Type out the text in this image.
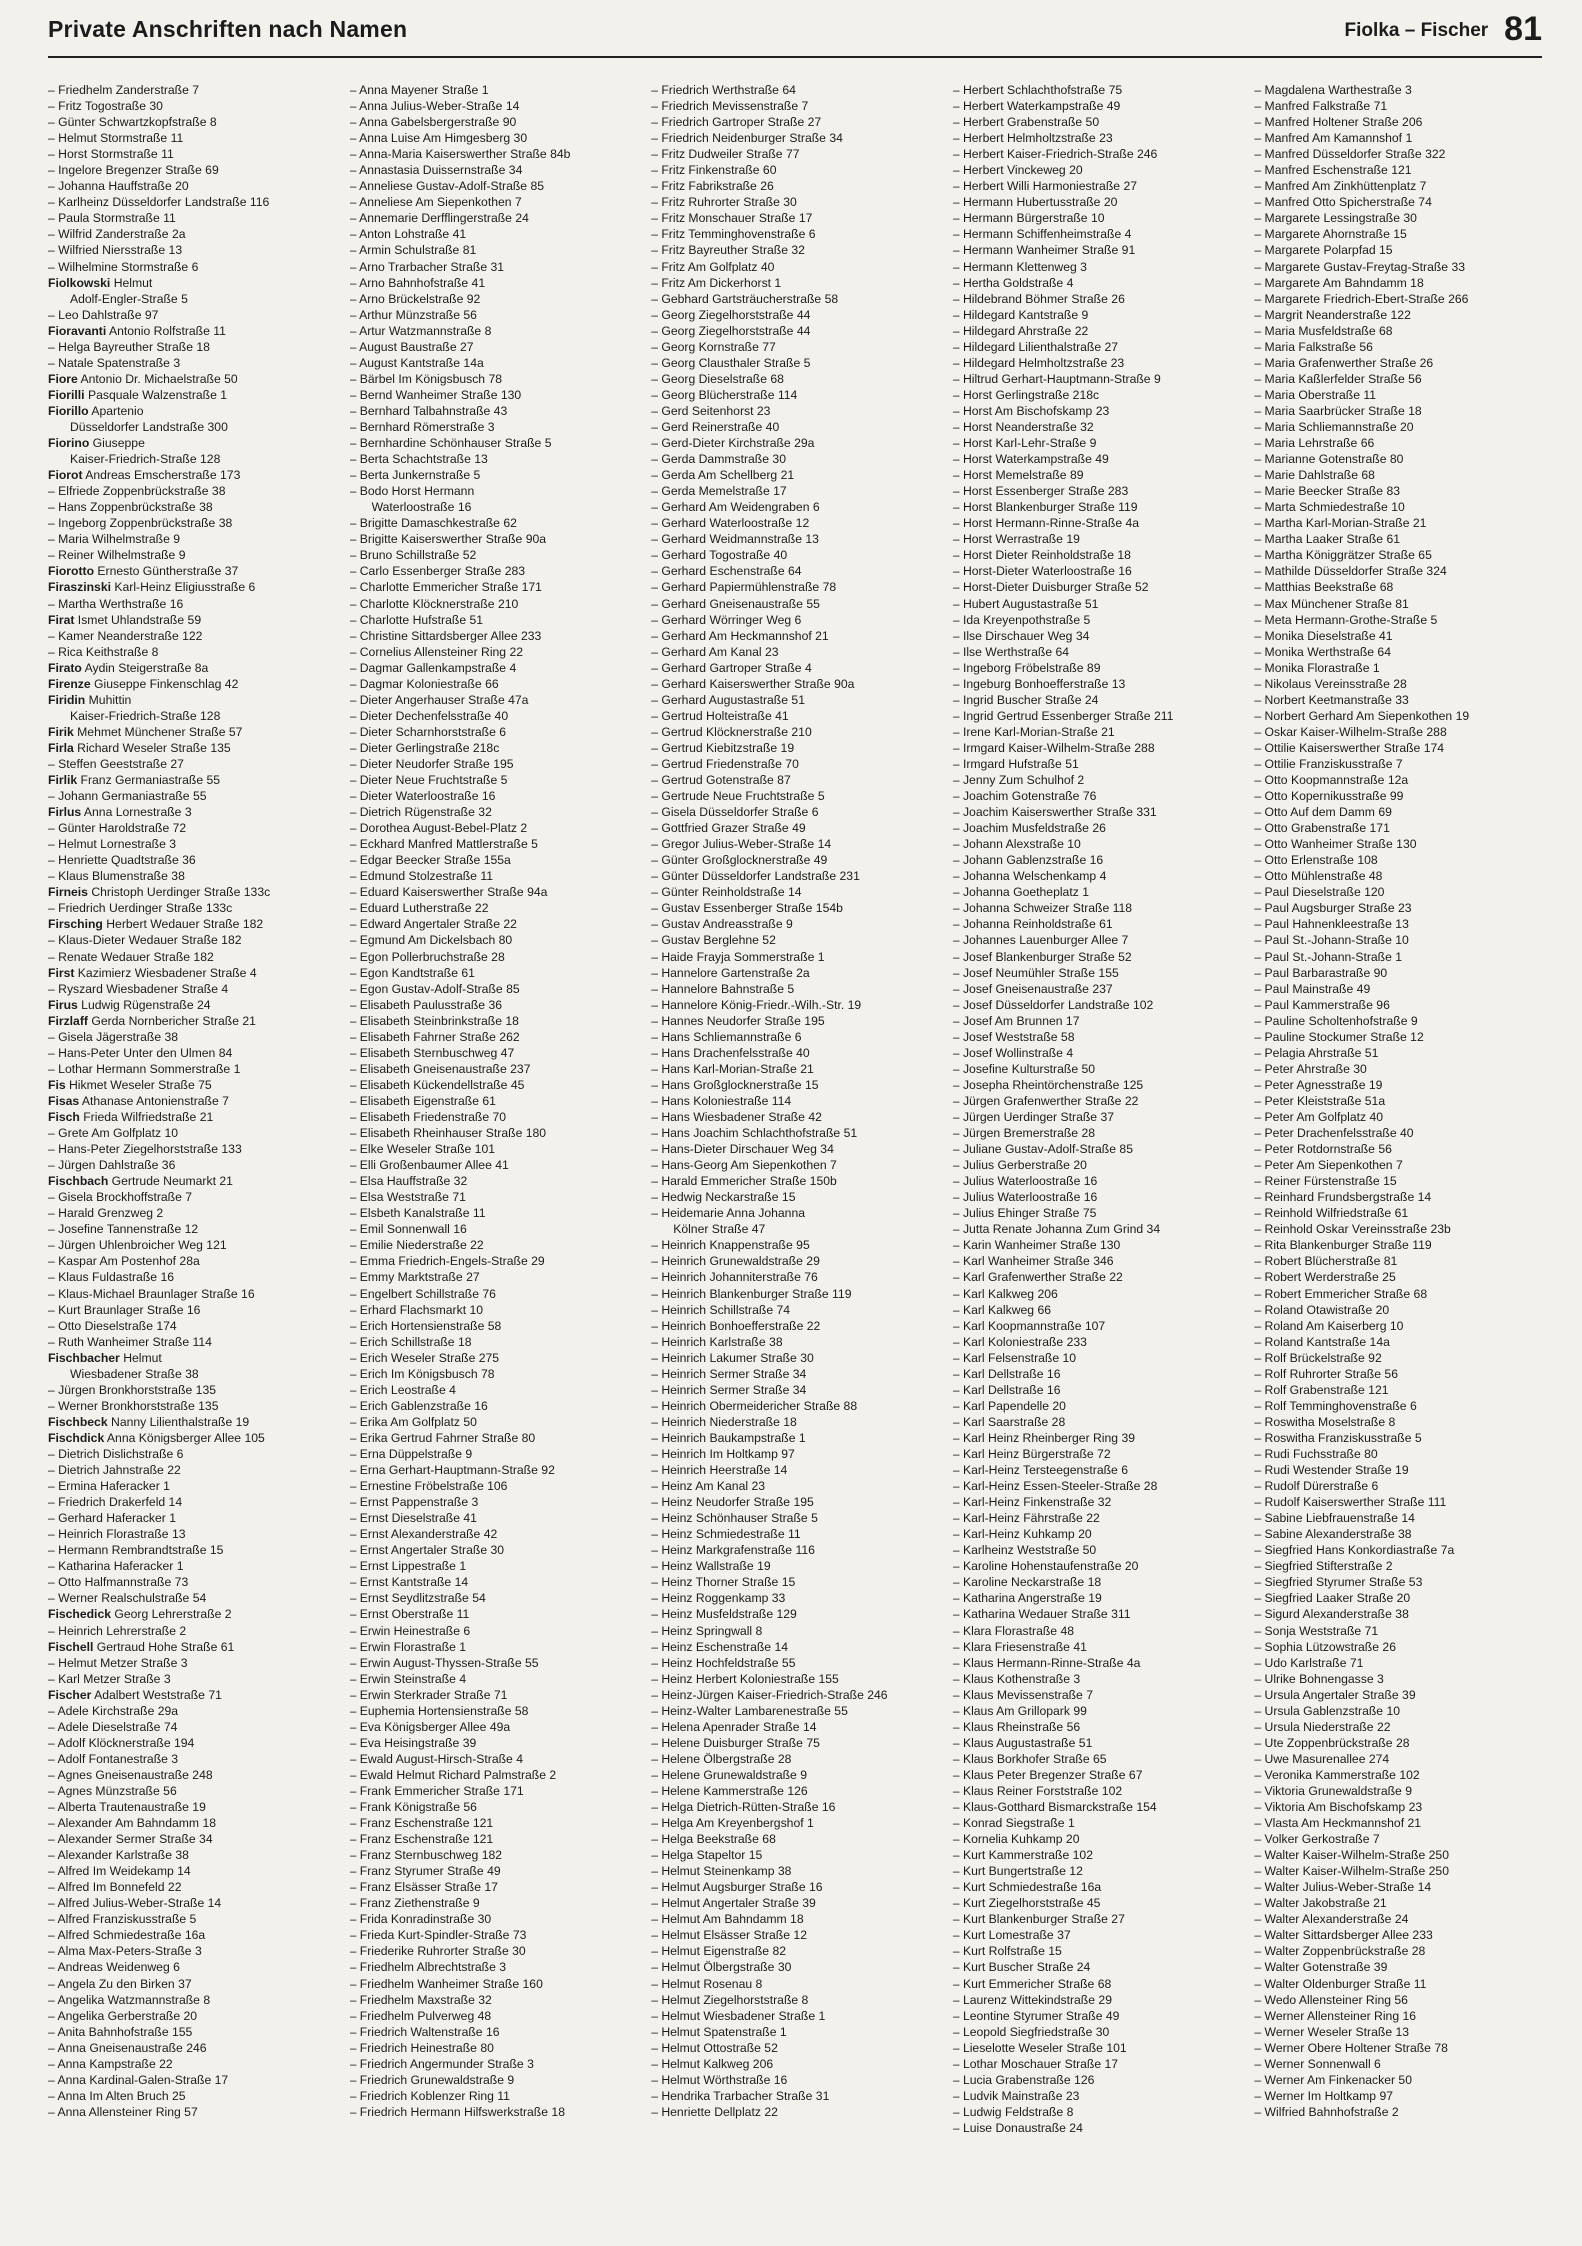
Private Anschriften nach Namen	Fiolka – Fischer 81
– Friedhelm Zanderstraße 7
– Fritz Togostraße 30
– Günter Schwartzkopfstraße 8
– Helmut Stormstraße 11
– Horst Stormstraße 11
– Ingelore Bregenzer Straße 69
– Johanna Hauffstraße 20
– Karlheinz Düsseldorfer Landstraße 116
– Paula Stormstraße 11
– Wilfrid Zanderstraße 2a
– Wilfried Niersstraße 13
– Wilhelmine Stormstraße 6
Fiolkowski Helmut
Adolf-Engler-Straße 5
– Leo Dahlstraße 97
Fioravanti Antonio Rolfstraße 11
– Helga Bayreuther Straße 18
– Natale Spatenstraße 3
Fiore Antonio Dr. Michaelstraße 50
Fiorilli Pasquale Walzenstraße 1
Fiorillo Apartenio
Düsseldorfer Landstraße 300
Fiorino Giuseppe
Kaiser-Friedrich-Straße 128
Fiorot Andreas Emscherstraße 173
– Elfriede Zoppenbrückstraße 38
– Hans Zoppenbrückstraße 38
– Ingeborg Zoppenbrückstraße 38
– Maria Wilhelmstraße 9
– Reiner Wilhelmstraße 9
Fiorotto Ernesto Güntherstraße 37
Firaszinski Karl-Heinz Eligiusstraße 6
– Martha Werthstraße 16
Firat Ismet Uhlandstraße 59
– Kamer Neanderstraße 122
– Rica Keithstraße 8
Firato Aydin Steigerstraße 8a
Firenze Giuseppe Finkenschlag 42
Firidin Muhittin
Kaiser-Friedrich-Straße 128
Firik Mehmet Münchener Straße 57
Firla Richard Weseler Straße 135
– Steffen Geeststraße 27
Firlik Franz Germaniastraße 55
– Johann Germaniastraße 55
Firlus Anna Lornestraße 3
– Günter Haroldstraße 72
– Helmut Lornestraße 3
– Henriette Quadtstraße 36
– Klaus Blumenstraße 38
Firneis Christoph Uerdinger Straße 133c
– Friedrich Uerdinger Straße 133c
Firsching Herbert Wedauer Straße 182
– Klaus-Dieter Wedauer Straße 182
– Renate Wedauer Straße 182
First Kazimierz Wiesbadener Straße 4
– Ryszard Wiesbadener Straße 4
Firus Ludwig Rügenstraße 24
Firzlaff Gerda Nornbericher Straße 21
– Gisela Jägerstraße 38
– Hans-Peter Unter den Ulmen 84
– Lothar Hermann Sommerstraße 1
Fis Hikmet Weseler Straße 75
Fisas Athanase Antonienstraße 7
Fisch Frieda Wilfriedstraße 21
– Grete Am Golfplatz 10
– Hans-Peter Ziegelhorststraße 133
– Jürgen Dahlstraße 36
Fischbach Gertrude Neumarkt 21
– Gisela Brockhoffstraße 7
– Harald Grenzweg 2
– Josefine Tannenstraße 12
– Jürgen Uhlenbroicher Weg 121
– Kaspar Am Postenhof 28a
– Klaus Fuldastraße 16
– Klaus-Michael Braunlager Straße 16
– Kurt Braunlager Straße 16
– Otto Dieselstraße 174
– Ruth Wanheimer Straße 114
Fischbacher Helmut
Wiesbadener Straße 38
– Jürgen Bronkhorststraße 135
– Werner Bronkhorststraße 135
Fischbeck Nanny Lilienthalstraße 19
Fischdick Anna Königsberger Allee 105
– Dietrich Dislichstraße 6
– Dietrich Jahnstraße 22
– Ermina Haferacker 1
– Friedrich Drakerfeld 14
– Gerhard Haferacker 1
– Heinrich Florastraße 13
– Hermann Rembrandtstraße 15
– Katharina Haferacker 1
– Otto Halfmannstraße 73
– Werner Realschulstraße 54
Fischedick Georg Lehrerstraße 2
– Heinrich Lehrerstraße 2
Fischell Gertraud Hohe Straße 61
– Helmut Metzer Straße 3
– Karl Metzer Straße 3
Fischer Adalbert Weststraße 71
– Adele Kirchstraße 29a
– Adele Dieselstraße 74
– Adolf Klöcknerstraße 194
– Adolf Fontanestraße 3
– Agnes Gneisenaustraße 248
– Agnes Münzstraße 56
– Alberta Trautenaustraße 19
– Alexander Am Bahndamm 18
– Alexander Sermer Straße 34
– Alexander Karlstraße 38
– Alfred Im Weidekamp 14
– Alfred Im Bonnefeld 22
– Alfred Julius-Weber-Straße 14
– Alfred Franziskusstraße 5
– Alfred Schmiedestraße 16a
– Alma Max-Peters-Straße 3
– Andreas Weidenweg 6
– Angela Zu den Birken 37
– Angelika Watzmannstraße 8
– Angelika Gerberstraße 20
– Anita Bahnhofstraße 155
– Anna Gneisenaustraße 246
– Anna Kampstraße 22
– Anna Kardinal-Galen-Straße 17
– Anna Im Alten Bruch 25
– Anna Allensteiner Ring 57
– Anna Mayener Straße 1
– Anna Julius-Weber-Straße 14
– Anna Gabelsbergerstraße 90
– Anna Luise Am Himgesberg 30
– Anna-Maria Kaiserswerther Straße 84b
– Annastasia Duissernstraße 34
– Anneliese Gustav-Adolf-Straße 85
– Anneliese Am Siepenkothen 7
– Annemarie Derfflingerstraße 24
– Anton Lohstraße 41
– Armin Schulstraße 81
– Arno Trarbacher Straße 31
– Arno Bahnhofstraße 41
– Arno Brückelstraße 92
– Arthur Münzstraße 56
– Artur Watzmannstraße 8
– August Baustraße 27
– August Kantstraße 14a
– Bärbel Im Königsbusch 78
– Bernd Wanheimer Straße 130
– Bernhard Talbahnstraße 43
– Bernhard Römerstraße 3
– Bernhardine Schönhauser Straße 5
– Berta Schachtstraße 13
– Berta Junkernstraße 5
– Bodo Horst Hermann
Waterloostraße 16
– Brigitte Damaschkestraße 62
– Brigitte Kaiserswerther Straße 90a
– Bruno Schillstraße 52
– Carlo Essenberger Straße 283
– Charlotte Emmericher Straße 171
– Charlotte Klöcknerstraße 210
– Charlotte Hufstraße 51
– Christine Sittardsberger Allee 233
– Cornelius Allensteiner Ring 22
– Dagmar Gallenkampstraße 4
– Dagmar Koloniestraße 66
– Dieter Angerhauser Straße 47a
– Dieter Dechenfelsstraße 40
– Dieter Scharnhorststraße 6
– Dieter Gerlingstraße 218c
– Dieter Neudorfer Straße 195
– Dieter Neue Fruchtstraße 5
– Dieter Waterloostraße 16
– Dietrich Rügenstraße 32
– Dorothea August-Bebel-Platz 2
– Eckhard Manfred Mattlerstraße 5
– Edgar Beecker Straße 155a
– Edmund Stolzestraße 11
– Eduard Kaiserswerther Straße 94a
– Eduard Lutherstraße 22
– Edward Angertaler Straße 22
– Egmund Am Dickelsbach 80
– Egon Pollerbruchstraße 28
– Egon Kandtstraße 61
– Egon Gustav-Adolf-Straße 85
– Elisabeth Paulusstraße 36
– Elisabeth Steinbrinkstraße 18
– Elisabeth Fahrner Straße 262
– Elisabeth Sternbuschweg 47
– Elisabeth Gneisenaustraße 237
– Elisabeth Kückendellstraße 45
– Elisabeth Eigenstraße 61
– Elisabeth Friedenstraße 70
– Elisabeth Rheinhauser Straße 180
– Elke Weseler Straße 101
– Elli Großenbaumer Allee 41
– Elsa Hauffstraße 32
– Elsa Weststraße 71
– Elsbeth Kanalstraße 11
– Emil Sonnenwall 16
– Emilie Niederstraße 22
– Emma Friedrich-Engels-Straße 29
– Emmy Marktstraße 27
– Engelbert Schillstraße 76
– Erhard Flachsmarkt 10
– Erich Hortensienstraße 58
– Erich Schillstraße 18
– Erich Weseler Straße 275
– Erich Im Königsbusch 78
– Erich Leostraße 4
– Erich Gablenzstraße 16
– Erika Am Golfplatz 50
– Erika Gertrud Fahrner Straße 80
– Erna Düppelstraße 9
– Erna Gerhart-Hauptmann-Straße 92
– Ernestine Fröbelstraße 106
– Ernst Pappenstraße 3
– Ernst Dieselstraße 41
– Ernst Alexanderstraße 42
– Ernst Angertaler Straße 30
– Ernst Lippestraße 1
– Ernst Kantstraße 14
– Ernst Seydlitzstraße 54
– Ernst Oberstraße 11
– Erwin Heinestraße 6
– Erwin Florastraße 1
– Erwin August-Thyssen-Straße 55
– Erwin Steinstraße 4
– Erwin Sterkrader Straße 71
– Euphemia Hortensienstraße 58
– Eva Königsberger Allee 49a
– Eva Heisingstraße 39
– Ewald August-Hirsch-Straße 4
– Ewald Helmut Richard Palmstraße 2
– Frank Emmericher Straße 171
– Frank Königstraße 56
– Franz Eschenstraße 121
– Franz Eschenstraße 121
– Franz Sternbuschweg 182
– Franz Styrumer Straße 49
– Franz Elsässer Straße 17
– Franz Ziethenstraße 9
– Frida Konradinstraße 30
– Frieda Kurt-Spindler-Straße 73
– Friederike Ruhrorter Straße 30
– Friedhelm Albrechtstraße 3
– Friedhelm Wanheimer Straße 160
– Friedhelm Maxstraße 32
– Friedhelm Pulverweg 48
– Friedrich Waltenstraße 16
– Friedrich Heinestraße 80
– Friedrich Angermunder Straße 3
– Friedrich Grunewaldstraße 9
– Friedrich Koblenzer Ring 11
– Friedrich Hermann Hilfswerkstraße 18
– Friedrich Werthstraße 64
– Friedrich Mevissenstraße 7
– Friedrich Gartroper Straße 27
– Friedrich Neidenburger Straße 34
– Fritz Dudweiler Straße 77
– Fritz Finkenstraße 60
– Fritz Fabrikstraße 26
– Fritz Ruhrorter Straße 30
– Fritz Monschauer Straße 17
– Fritz Temminghovenstraße 6
– Fritz Bayreuther Straße 32
– Fritz Am Golfplatz 40
– Fritz Am Dickerhorst 1
– Gebhard Gartsträucherstraße 58
– Georg Ziegelhorststraße 44
– Georg Ziegelhorststraße 44
– Georg Kornstraße 77
– Georg Clausthaler Straße 5
– Georg Dieselstraße 68
– Georg Blücherstraße 114
– Gerd Seitenhorst 23
– Gerd Reinerstraße 40
– Gerd-Dieter Kirchstraße 29a
– Gerda Dammstraße 30
– Gerda Am Schellberg 21
– Gerda Memelstraße 17
– Gerhard Am Weidengraben 6
– Gerhard Waterloostraße 12
– Gerhard Weidmannstraße 13
– Gerhard Togostraße 40
– Gerhard Eschenstraße 64
– Gerhard Papiermühlenstraße 78
– Gerhard Gneisenaustraße 55
– Gerhard Wörringer Weg 6
– Gerhard Am Heckmannshof 21
– Gerhard Am Kanal 23
– Gerhard Gartroper Straße 4
– Gerhard Kaiserswerther Straße 90a
– Gerhard Augustastraße 51
– Gertrud Holteistraße 41
– Gertrud Klöcknerstraße 210
– Gertrud Kiebitzstraße 19
– Gertrud Friedenstraße 70
– Gertrud Gotenstraße 87
– Gertrude Neue Fruchtstraße 5
– Gisela Düsseldorfer Straße 6
– Gottfried Grazer Straße 49
– Gregor Julius-Weber-Straße 14
– Günter Großglocknerstraße 49
– Günter Düsseldorfer Landstraße 231
– Günter Reinholdstraße 14
– Gustav Essenberger Straße 154b
– Gustav Andreasstraße 9
– Gustav Berglehne 52
– Haide Frayja Sommerstraße 1
– Hannelore Gartenstraße 2a
– Hannelore Bahnstraße 5
– Hannelore König-Friedr.-Wilh.-Str. 19
– Hannes Neudorfer Straße 195
– Hans Schliemannstraße 6
– Hans Drachenfelsstraße 40
– Hans Karl-Morian-Straße 21
– Hans Großglocknerstraße 15
– Hans Koloniestraße 114
– Hans Wiesbadener Straße 42
– Hans Joachim Schlachthofstraße 51
– Hans-Dieter Dirschauer Weg 34
– Hans-Georg Am Siepenkothen 7
– Harald Emmericher Straße 150b
– Hedwig Neckarstraße 15
– Heidemarie Anna Johanna
Kölner Straße 47
– Heinrich Knappenstraße 95
– Heinrich Grunewaldstraße 29
– Heinrich Johanniterstraße 76
– Heinrich Blankenburger Straße 119
– Heinrich Schillstraße 74
– Heinrich Bonhoefferstraße 22
– Heinrich Karlstraße 38
– Heinrich Lakumer Straße 30
– Heinrich Sermer Straße 34
– Heinrich Sermer Straße 34
– Heinrich Obermeidericher Straße 88
– Heinrich Niederstraße 18
– Heinrich Baukampstraße 1
– Heinrich Im Holtkamp 97
– Heinrich Heerstraße 14
– Heinz Am Kanal 23
– Heinz Neudorfer Straße 195
– Heinz Schönhauser Straße 5
– Heinz Schmiedestraße 11
– Heinz Markgrafenstraße 116
– Heinz Wallstraße 19
– Heinz Thorner Straße 15
– Heinz Roggenkamp 33
– Heinz Musfeldstraße 129
– Heinz Springwall 8
– Heinz Eschenstraße 14
– Heinz Hochfeldstraße 55
– Heinz Herbert Koloniestraße 155
– Heinz-Jürgen Kaiser-Friedrich-Straße 246
– Heinz-Walter Lambarenestraße 55
– Helena Apenrader Straße 14
– Helene Duisburger Straße 75
– Helene Ölbergstraße 28
– Helene Grunewaldstraße 9
– Helene Kammerstraße 126
– Helga Dietrich-Rütten-Straße 16
– Helga Am Kreyenbergshof 1
– Helga Beekstraße 68
– Helga Stapeltor 15
– Helmut Steinenkamp 38
– Helmut Augsburger Straße 16
– Helmut Angertaler Straße 39
– Helmut Am Bahndamm 18
– Helmut Elsässer Straße 12
– Helmut Eigenstraße 82
– Helmut Ölbergstraße 30
– Helmut Rosenau 8
– Helmut Ziegelhorststraße 8
– Helmut Wiesbadener Straße 1
– Helmut Spatenstraße 1
– Helmut Ottostraße 52
– Helmut Kalkweg 206
– Helmut Wörthstraße 16
– Hendrika Trarbacher Straße 31
– Henriette Dellplatz 22
– Herbert Schlachthofstraße 75
– Herbert Waterkampstraße 49
– Herbert Grabenstraße 50
– Herbert Helmholtzstraße 23
– Herbert Kaiser-Friedrich-Straße 246
– Herbert Vinckeweg 20
– Herbert Willi Harmoniestraße 27
– Hermann Hubertusstraße 20
– Hermann Bürgerstraße 10
– Hermann Schiffenheimstraße 4
– Hermann Wanheimer Straße 91
– Hermann Klettenweg 3
– Hertha Goldstraße 4
– Hildebrand Böhmer Straße 26
– Hildegard Kantstraße 9
– Hildegard Ahrstraße 22
– Hildegard Lilienthalstraße 27
– Hildegard Helmholtzstraße 23
– Hiltrud Gerhart-Hauptmann-Straße 9
– Horst Gerlingstraße 218c
– Horst Am Bischofskamp 23
– Horst Neanderstraße 32
– Horst Karl-Lehr-Straße 9
– Horst Waterkampstraße 49
– Horst Memelstraße 89
– Horst Essenberger Straße 283
– Horst Blankenburger Straße 119
– Horst Hermann-Rinne-Straße 4a
– Horst Werrastraße 19
– Horst Dieter Reinholdstraße 18
– Horst-Dieter Waterloostraße 16
– Horst-Dieter Duisburger Straße 52
– Hubert Augustastraße 51
– Ida Kreyenpothstraße 5
– Ilse Dirschauer Weg 34
– Ilse Werthstraße 64
– Ingeborg Fröbelstraße 89
– Ingeburg Bonhoefferstraße 13
– Ingrid Buscher Straße 24
– Ingrid Gertrud Essenberger Straße 211
– Irene Karl-Morian-Straße 21
– Irmgard Kaiser-Wilhelm-Straße 288
– Irmgard Hufstraße 51
– Jenny Zum Schulhof 2
– Joachim Gotenstraße 76
– Joachim Kaiserswerther Straße 331
– Joachim Musfeldstraße 26
– Johann Alexstraße 10
– Johann Gablenzstraße 16
– Johanna Welschenkamp 4
– Johanna Goetheplatz 1
– Johanna Schweizer Straße 118
– Johanna Reinholdstraße 61
– Johannes Lauenburger Allee 7
– Josef Blankenburger Straße 52
– Josef Neumühler Straße 155
– Josef Gneisenaustraße 237
– Josef Düsseldorfer Landstraße 102
– Josef Am Brunnen 17
– Josef Weststraße 58
– Josef Wollinstraße 4
– Josefine Kulturstraße 50
– Josepha Rheintörchenstraße 125
– Jürgen Grafenwerther Straße 22
– Jürgen Uerdinger Straße 37
– Jürgen Bremerstraße 28
– Juliane Gustav-Adolf-Straße 85
– Julius Gerberstraße 20
– Julius Waterloostraße 16
– Julius Waterloostraße 16
– Julius Ehinger Straße 75
– Jutta Renate Johanna Zum Grind 34
– Karin Wanheimer Straße 130
– Karl Wanheimer Straße 346
– Karl Grafenwerther Straße 22
– Karl Kalkweg 206
– Karl Kalkweg 66
– Karl Koopmannstraße 107
– Karl Koloniestraße 233
– Karl Felsenstraße 10
– Karl Dellstraße 16
– Karl Dellstraße 16
– Karl Papendelle 20
– Karl Saarstraße 28
– Karl Heinz Rheinberger Ring 39
– Karl Heinz Bürgerstraße 72
– Karl-Heinz Tersteegenstraße 6
– Karl-Heinz Essen-Steeler-Straße 28
– Karl-Heinz Finkenstraße 32
– Karl-Heinz Fährstraße 22
– Karl-Heinz Kuhkamp 20
– Karlheinz Weststraße 50
– Karoline Hohenstaufenstraße 20
– Karoline Neckarstraße 18
– Katharina Angerstraße 19
– Katharina Wedauer Straße 311
– Klara Florastraße 48
– Klara Friesenstraße 41
– Klaus Hermann-Rinne-Straße 4a
– Klaus Kothenstraße 3
– Klaus Mevissenstraße 7
– Klaus Am Grillopark 99
– Klaus Rheinstraße 56
– Klaus Augustastraße 51
– Klaus Borkhofer Straße 65
– Klaus Peter Bregenzer Straße 67
– Klaus Reiner Forststraße 102
– Klaus-Gotthard Bismarckstraße 154
– Konrad Siegstraße 1
– Kornelia Kuhkamp 20
– Kurt Kammerstraße 102
– Kurt Bungertstraße 12
– Kurt Schmiedestraße 16a
– Kurt Ziegelhorststraße 45
– Kurt Blankenburger Straße 27
– Kurt Lomestraße 37
– Kurt Rolfstraße 15
– Kurt Buscher Straße 24
– Kurt Emmericher Straße 68
– Laurenz Wittekindstraße 29
– Leontine Styrumer Straße 49
– Leopold Siegfriedstraße 30
– Lieselotte Weseler Straße 101
– Lothar Moschauer Straße 17
– Lucia Grabenstraße 126
– Ludvik Mainstraße 23
– Ludwig Feldstraße 8
– Luise Donaustraße 24
– Magdalena Warthestraße 3
– Manfred Falkstraße 71
– Manfred Holtener Straße 206
– Manfred Am Kamannshof 1
– Manfred Düsseldorfer Straße 322
– Manfred Eschenstraße 121
– Manfred Am Zinkhüttenplatz 7
– Manfred Otto Spicherstraße 74
– Margarete Lessingstraße 30
– Margarete Ahornstraße 15
– Margarete Polarpfad 15
– Margarete Gustav-Freytag-Straße 33
– Margarete Am Bahndamm 18
– Margarete Friedrich-Ebert-Straße 266
– Margrit Neanderstraße 122
– Maria Musfeldstraße 68
– Maria Falkstraße 56
– Maria Grafenwerther Straße 26
– Maria Kaßlerfelder Straße 56
– Maria Oberstraße 11
– Maria Saarbrücker Straße 18
– Maria Schliemannstraße 20
– Maria Lehrstraße 66
– Marianne Gotenstraße 80
– Marie Dahlstraße 68
– Marie Beecker Straße 83
– Marta Schmiedestraße 10
– Martha Karl-Morian-Straße 21
– Martha Laaker Straße 61
– Martha Königgrätzer Straße 65
– Mathilde Düsseldorfer Straße 324
– Matthias Beekstraße 68
– Max Münchener Straße 81
– Meta Hermann-Grothe-Straße 5
– Monika Dieselstraße 41
– Monika Werthstraße 64
– Monika Florastraße 1
– Nikolaus Vereinsstraße 28
– Norbert Keetmanstraße 33
– Norbert Gerhard Am Siepenkothen 19
– Oskar Kaiser-Wilhelm-Straße 288
– Ottilie Kaiserswerther Straße 174
– Ottilie Franziskusstraße 7
– Otto Koopmannstraße 12a
– Otto Kopernikusstraße 99
– Otto Auf dem Damm 69
– Otto Grabenstraße 171
– Otto Wanheimer Straße 130
– Otto Erlenstraße 108
– Otto Mühlenstraße 48
– Paul Dieselstraße 120
– Paul Augsburger Straße 23
– Paul Hahnenkleestraße 13
– Paul St.-Johann-Straße 10
– Paul St.-Johann-Straße 1
– Paul Barbarastraße 90
– Paul Mainstraße 49
– Paul Kammerstraße 96
– Pauline Scholtenhofstraße 9
– Pauline Stockumer Straße 12
– Pelagia Ahrstraße 51
– Peter Ahrstraße 30
– Peter Agnesstraße 19
– Peter Kleiststraße 51a
– Peter Am Golfplatz 40
– Peter Drachenfelsstraße 40
– Peter Rotdornstraße 56
– Peter Am Siepenkothen 7
– Reiner Fürstenstraße 15
– Reinhard Frundsbergstraße 14
– Reinhold Wilfriedstraße 61
– Reinhold Oskar Vereinsstraße 23b
– Rita Blankenburger Straße 119
– Robert Blücherstraße 81
– Robert Werderstraße 25
– Robert Emmericher Straße 68
– Roland Otawistraße 20
– Roland Am Kaiserberg 10
– Roland Kantstraße 14a
– Rolf Brückelstraße 92
– Rolf Ruhrorter Straße 56
– Rolf Grabenstraße 121
– Rolf Temminghovenstraße 6
– Roswitha Moselstraße 8
– Roswitha Franziskusstraße 5
– Rudi Fuchsstraße 80
– Rudi Westender Straße 19
– Rudolf Dürerstraße 6
– Rudolf Kaiserswerther Straße 111
– Sabine Liebfrauenstraße 14
– Sabine Alexanderstraße 38
– Siegfried Hans Konkordiastraße 7a
– Siegfried Stifterstraße 2
– Siegfried Styrumer Straße 53
– Siegfried Laaker Straße 20
– Sigurd Alexanderstraße 38
– Sonja Weststraße 71
– Sophia Lützowstraße 26
– Udo Karlstraße 71
– Ulrike Bohnengasse 3
– Ursula Angertaler Straße 39
– Ursula Gablenzstraße 10
– Ursula Niederstraße 22
– Ute Zoppenbrückstraße 28
– Uwe Masurenallee 274
– Veronika Kammerstraße 102
– Viktoria Grunewaldstraße 9
– Viktoria Am Bischofskamp 23
– Vlasta Am Heckmannshof 21
– Volker Gerkostraße 7
– Walter Kaiser-Wilhelm-Straße 250
– Walter Kaiser-Wilhelm-Straße 250
– Walter Julius-Weber-Straße 14
– Walter Jakobstraße 21
– Walter Alexanderstraße 24
– Walter Sittardsberger Allee 233
– Walter Zoppenbrückstraße 28
– Walter Gotenstraße 39
– Walter Oldenburger Straße 11
– Wedo Allensteiner Ring 56
– Werner Allensteiner Ring 16
– Werner Weseler Straße 13
– Werner Obere Holtener Straße 78
– Werner Sonnenwall 6
– Werner Am Finkenacker 50
– Werner Im Holtkamp 97
– Wilfried Bahnhofstraße 2
